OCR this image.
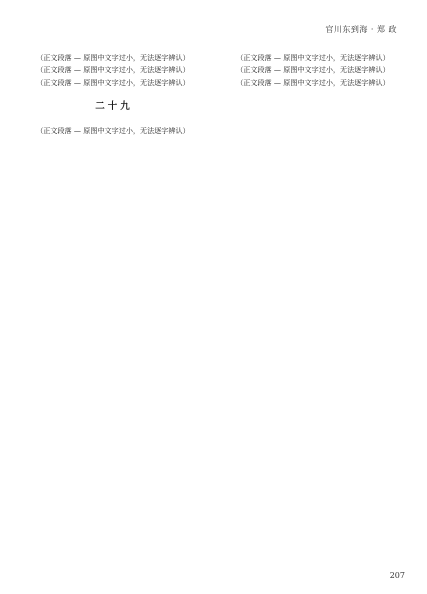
官川东到海 · 郑 政

（正文段落 — 原图中文字过小，无法逐字辨认）

（正文段落 — 原图中文字过小，无法逐字辨认）

（正文段落 — 原图中文字过小，无法逐字辨认）

二十九

（正文段落 — 原图中文字过小，无法逐字辨认）

（正文段落 — 原图中文字过小，无法逐字辨认）

（正文段落 — 原图中文字过小，无法逐字辨认）

（正文段落 — 原图中文字过小，无法逐字辨认）

207
